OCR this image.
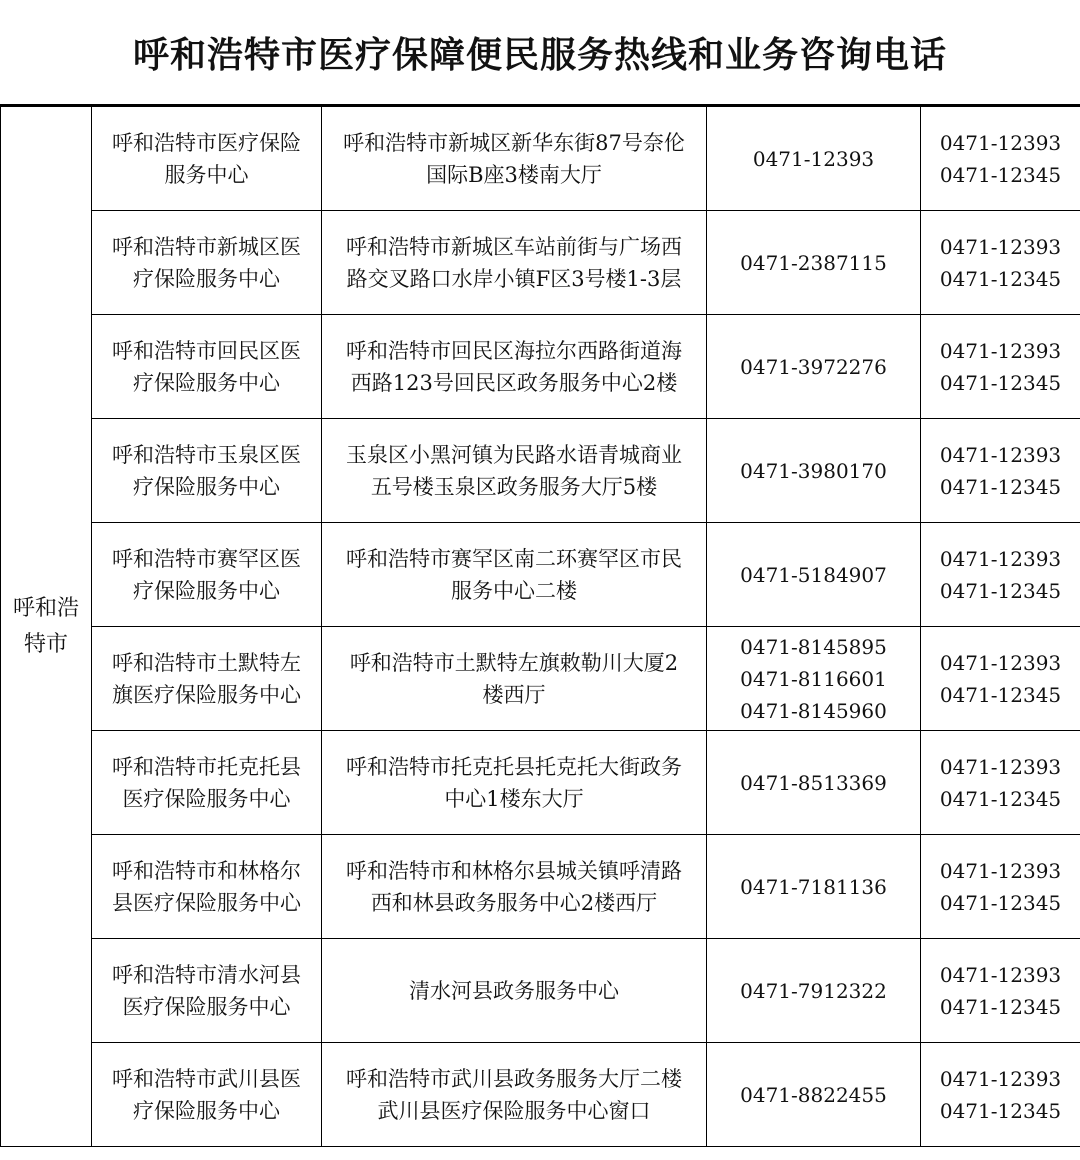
呼和浩特市医疗保障便民服务热线和业务咨询电话
呼和浩
特市	呼和浩特市医疗保险
服务中心	呼和浩特市新城区新华东街87号奈伦
国际B座3楼南大厅	0471-12393	0471-12393
0471-12345

	呼和浩特市新城区医
疗保险服务中心	呼和浩特市新城区车站前街与广场西
路交叉路口水岸小镇F区3号楼1-3层	0471-2387115	0471-12393
0471-12345

	呼和浩特市回民区医
疗保险服务中心	呼和浩特市回民区海拉尔西路街道海
西路123号回民区政务服务中心2楼	0471-3972276	0471-12393
0471-12345

	呼和浩特市玉泉区医
疗保险服务中心	玉泉区小黑河镇为民路水语青城商业
五号楼玉泉区政务服务大厅5楼	0471-3980170	0471-12393
0471-12345

	呼和浩特市赛罕区医
疗保险服务中心	呼和浩特市赛罕区南二环赛罕区市民
服务中心二楼	0471-5184907	0471-12393
0471-12345

	呼和浩特市土默特左
旗医疗保险服务中心	呼和浩特市土默特左旗敕勒川大厦2
楼西厅	0471-8145895
0471-8116601
0471-8145960	0471-12393
0471-12345

	呼和浩特市托克托县
医疗保险服务中心	呼和浩特市托克托县托克托大街政务
中心1楼东大厅	0471-8513369	0471-12393
0471-12345

	呼和浩特市和林格尔
县医疗保险服务中心	呼和浩特市和林格尔县城关镇呼清路
西和林县政务服务中心2楼西厅	0471-7181136	0471-12393
0471-12345

	呼和浩特市清水河县
医疗保险服务中心	清水河县政务服务中心	0471-7912322	0471-12393
0471-12345

	呼和浩特市武川县医
疗保险服务中心	呼和浩特市武川县政务服务大厅二楼
武川县医疗保险服务中心窗口	0471-8822455	0471-12393
0471-12345
